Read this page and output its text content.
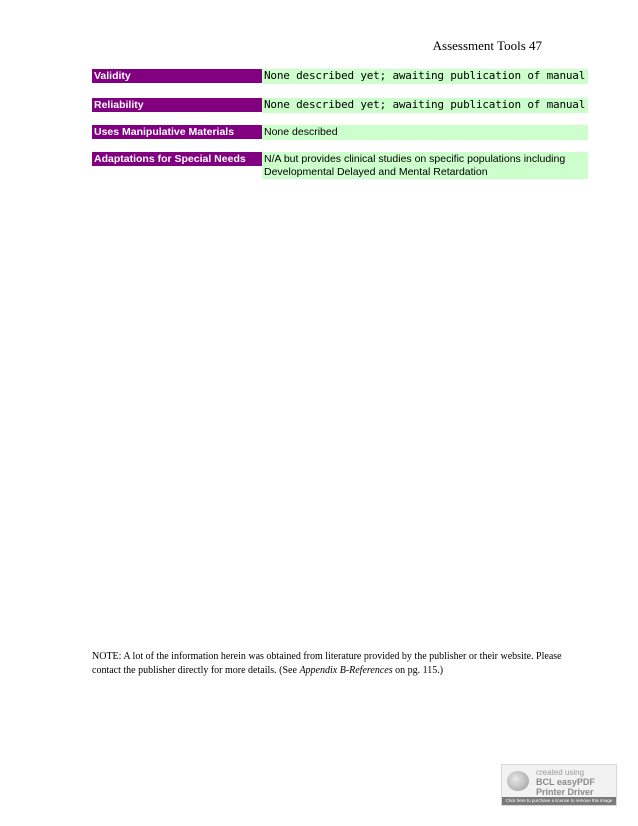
Assessment Tools 47
Validity	None described yet; awaiting publication of manual
Reliability	None described yet; awaiting publication of manual
Uses Manipulative Materials	None described
Adaptations for Special Needs	N/A but provides clinical studies on specific populations including Developmental Delayed and Mental Retardation
NOTE: A lot of the information herein was obtained from literature provided by the publisher or their website. Please contact the publisher directly for more details. (See Appendix B-References on pg. 115.)
created using
BCL easyPDF
Printer Driver
Click here to purchase a license to remove this image
